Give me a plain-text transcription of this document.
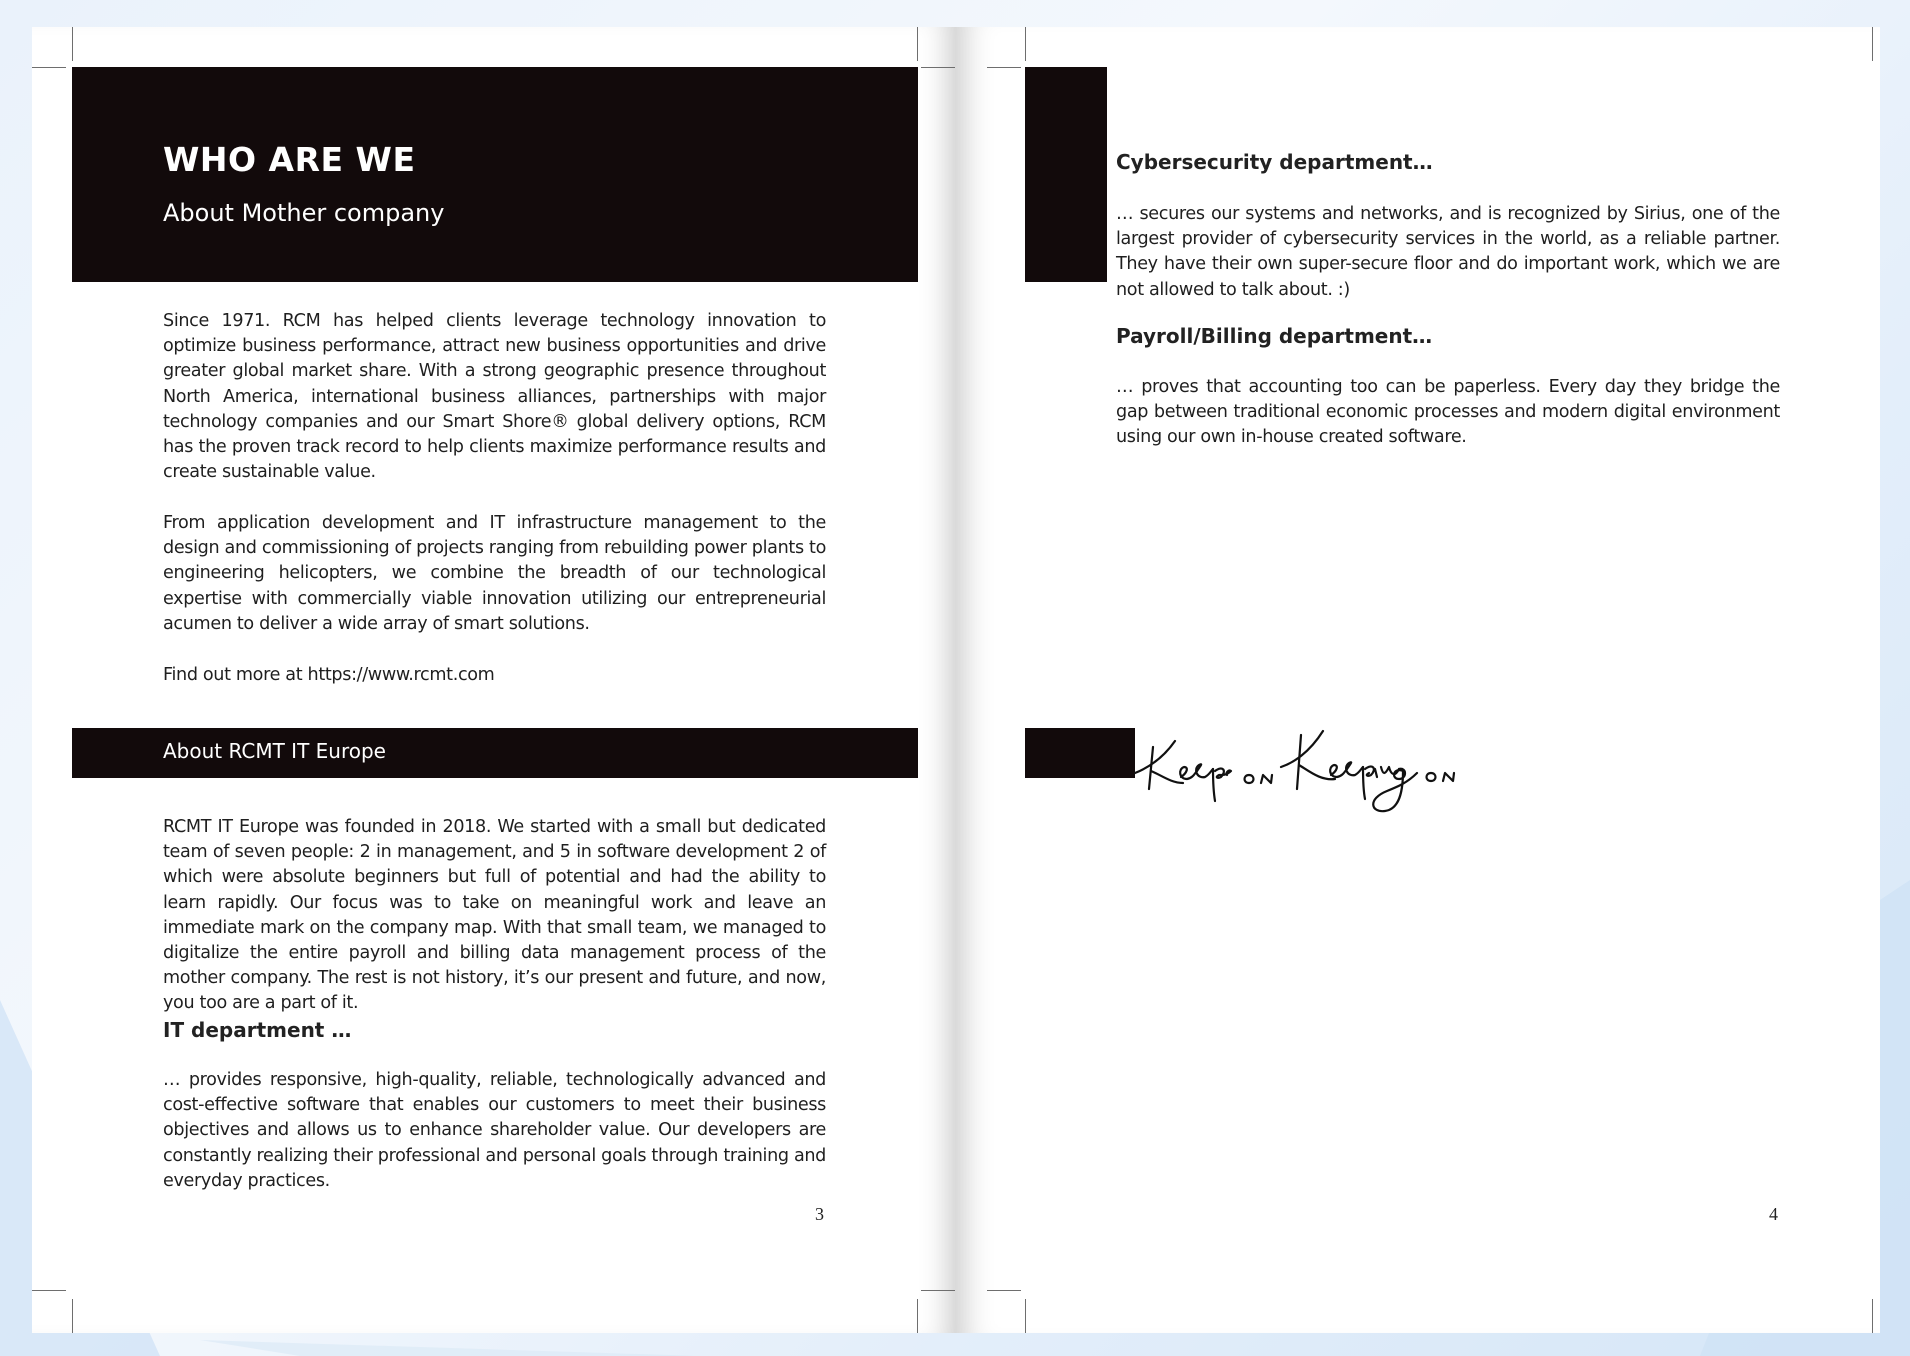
WHO ARE WE
About Mother company

Since 1971. RCM has helped clients leverage technology innovation to optimize business performance, attract new business opportunities and drive greater global market share. With a strong geographic presence throughout North America, international business alliances, partnerships with major technology companies and our Smart Shore® global delivery options, RCM has the proven track record to help clients maximize performance results and create sustainable value.

From application development and IT infrastructure management to the design and commissioning of projects ranging from rebuilding power plants to engineering helicopters, we combine the breadth of our technological expertise with commercially viable innovation utilizing our entrepreneurial acumen to deliver a wide array of smart solutions.

Find out more at https://www.rcmt.com

About RCMT IT Europe

RCMT IT Europe was founded in 2018. We started with a small but dedicated team of seven people: 2 in management, and 5 in software development 2 of which were absolute beginners but full of potential and had the ability to learn rapidly. Our focus was to take on meaningful work and leave an immediate mark on the company map. With that small team, we managed to digitalize the entire payroll and billing data management process of the mother company. The rest is not history, it’s our present and future, and now, you too are a part of it.

IT department …

… provides responsive, high-quality, reliable, technologically advanced and cost-effective software that enables our customers to meet their business objectives and allows us to enhance shareholder value. Our developers are constantly realizing their professional and personal goals through training and everyday practices.

3
Cybersecurity department…

… secures our systems and networks, and is recognized by Sirius, one of the largest provider of cybersecurity services in the world, as a reliable partner. They have their own super-secure floor and do important work, which we are not allowed to talk about. :)

Payroll/Billing department…

… proves that accounting too can be paperless. Every day they bridge the gap between traditional economic processes and modern digital environment using our own in-house created software.

4
